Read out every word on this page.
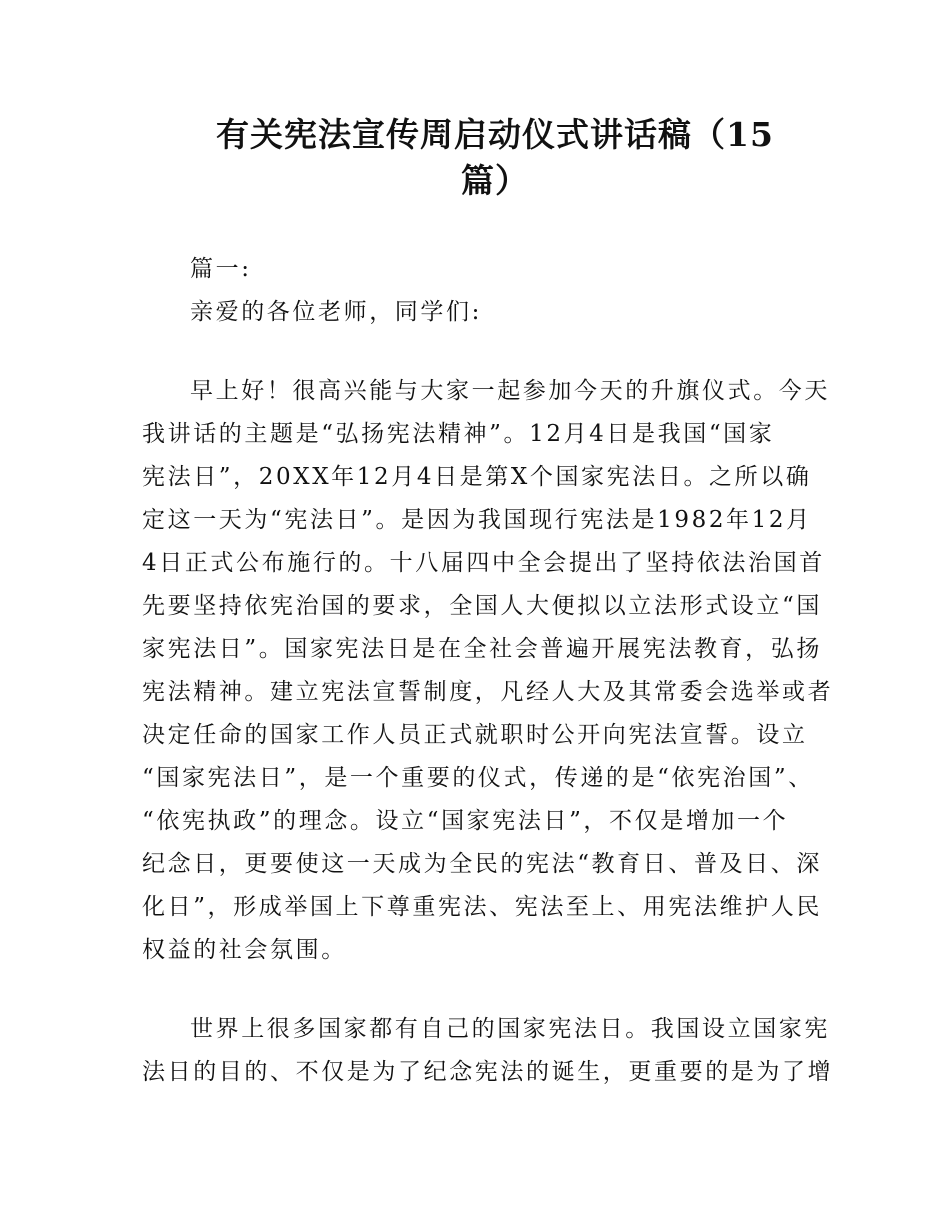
有关宪法宣传周启动仪式讲话稿（15
篇）
篇一:
亲爱的各位老师，同学们:
早上好！很高兴能与大家一起参加今天的升旗仪式。今天
我讲话的主题是“弘扬宪法精神”。12月4日是我国“国家
宪法日”，20XX年12月4日是第X个国家宪法日。之所以确
定这一天为“宪法日”。是因为我国现行宪法是1982年12月
4日正式公布施行的。十八届四中全会提出了坚持依法治国首
先要坚持依宪治国的要求，全国人大便拟以立法形式设立“国
家宪法日”。国家宪法日是在全社会普遍开展宪法教育，弘扬
宪法精神。建立宪法宣誓制度，凡经人大及其常委会选举或者
决定任命的国家工作人员正式就职时公开向宪法宣誓。设立
“国家宪法日”，是一个重要的仪式，传递的是“依宪治国”、
“依宪执政”的理念。设立“国家宪法日”，不仅是增加一个
纪念日，更要使这一天成为全民的宪法“教育日、普及日、深
化日”，形成举国上下尊重宪法、宪法至上、用宪法维护人民
权益的社会氛围。
世界上很多国家都有自己的国家宪法日。我国设立国家宪
法日的目的、不仅是为了纪念宪法的诞生，更重要的是为了增
